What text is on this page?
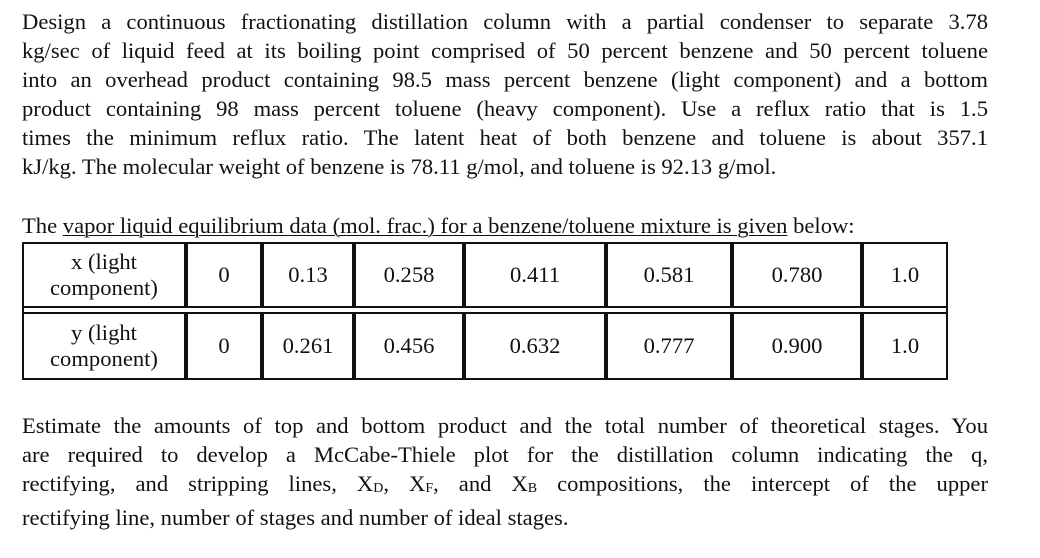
Design a continuous fractionating distillation column with a partial condenser to separate 3.78
kg/sec of liquid feed at its boiling point comprised of 50 percent benzene and 50 percent toluene
into an overhead product containing 98.5 mass percent benzene (light component) and a bottom
product containing 98 mass percent toluene (heavy component). Use a reflux ratio that is 1.5
times the minimum reflux ratio. The latent heat of both benzene and toluene is about 357.1
kJ/kg. The molecular weight of benzene is 78.11 g/mol, and toluene is 92.13 g/mol.

The vapor liquid equilibrium data (mol. frac.) for a benzene/toluene mixture is given below:

x (light
component)	0	0.13	0.258	0.411	0.581	0.780	1.0

y (light
component)	0	0.261	0.456	0.632	0.777	0.900	1.0
Estimate the amounts of top and bottom product and the total number of theoretical stages. You
are required to develop a McCabe-Thiele plot for the distillation column indicating the q,
rectifying, and stripping lines, $X_D$, $X_F$, and $X_B$ compositions, the intercept of the upper
rectifying line, number of stages and number of ideal stages.
